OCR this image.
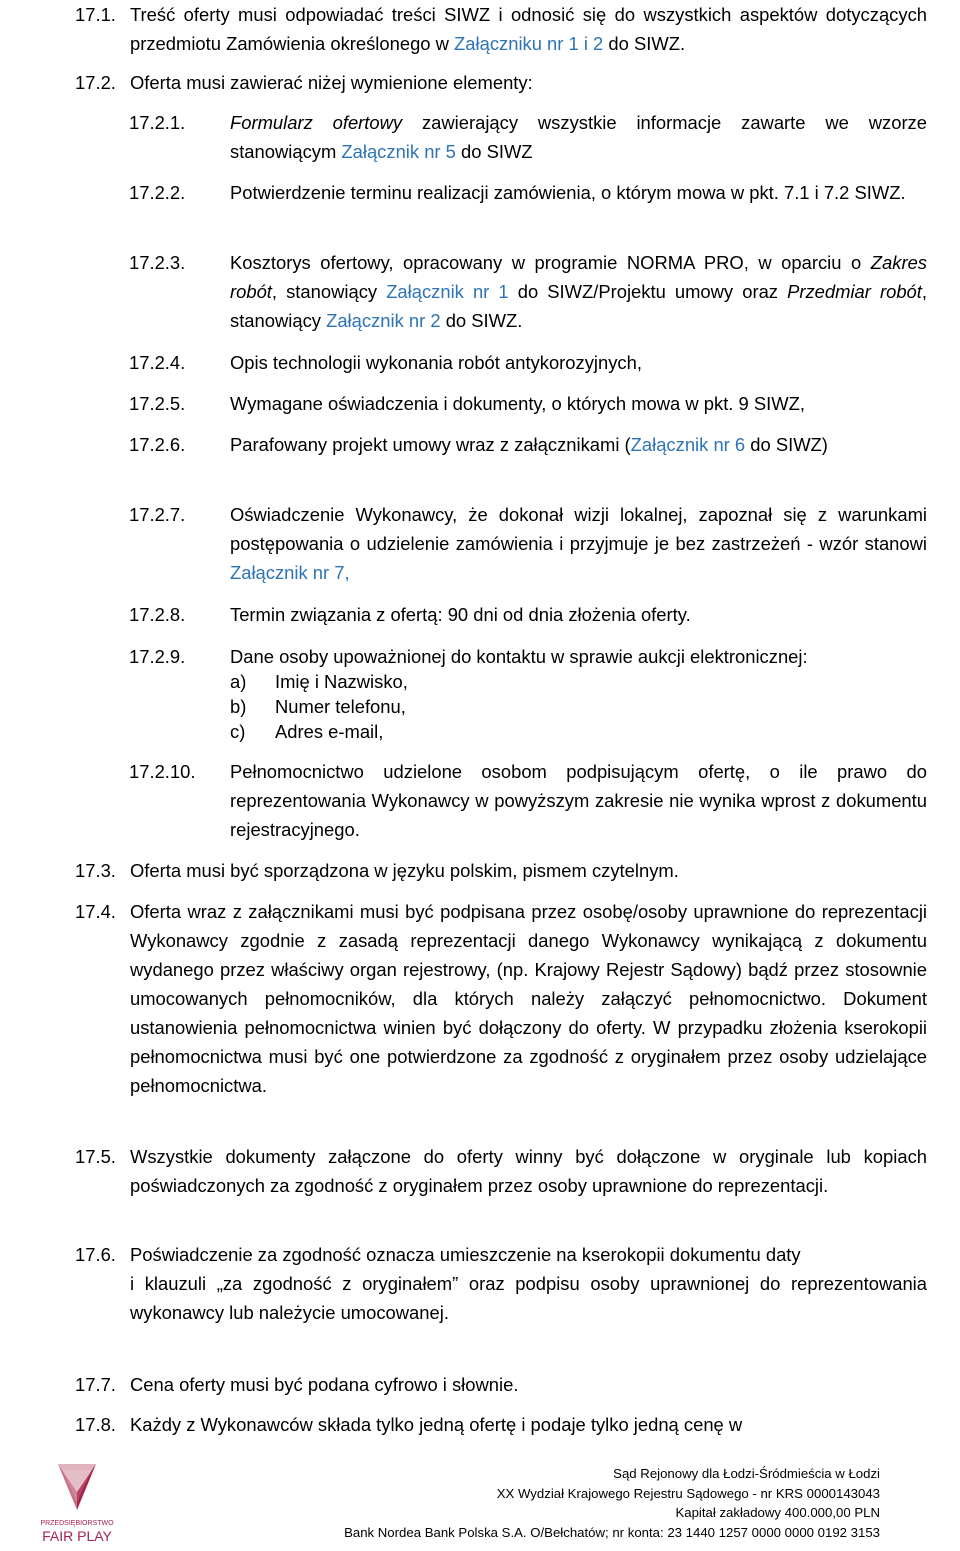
17.1. Treść oferty musi odpowiadać treści SIWZ i odnosić się do wszystkich aspektów dotyczących przedmiotu Zamówienia określonego w Załączniku nr 1 i 2 do SIWZ.
17.2. Oferta musi zawierać niżej wymienione elementy:
17.2.1.	Formularz ofertowy zawierający wszystkie informacje zawarte we wzorze stanowiącym Załącznik nr 5 do SIWZ
17.2.2.	Potwierdzenie terminu realizacji zamówienia, o którym mowa w pkt. 7.1 i 7.2 SIWZ.
17.2.3.	Kosztorys ofertowy, opracowany w programie NORMA PRO, w oparciu o Zakres robót, stanowiący Załącznik nr 1 do SIWZ/Projektu umowy oraz Przedmiar robót, stanowiący Załącznik nr 2 do SIWZ.
17.2.4.	Opis technologii wykonania robót antykorozyjnych,
17.2.5.	Wymagane oświadczenia i dokumenty, o których mowa w pkt. 9 SIWZ,
17.2.6.	Parafowany projekt umowy wraz z załącznikami (Załącznik nr 6 do SIWZ)
17.2.7.	Oświadczenie Wykonawcy, że dokonał wizji lokalnej, zapoznał się z warunkami postępowania o udzielenie zamówienia i przyjmuje je bez zastrzeżeń - wzór stanowi Załącznik nr 7,
17.2.8.	Termin związania z ofertą: 90 dni od dnia złożenia oferty.
17.2.9.	Dane osoby upoważnionej do kontaktu w sprawie aukcji elektronicznej:
a)	Imię i Nazwisko,
b)	Numer telefonu,
c)	Adres e-mail,
17.2.10.	Pełnomocnictwo udzielone osobom podpisującym ofertę, o ile prawo do reprezentowania Wykonawcy w powyższym zakresie nie wynika wprost z dokumentu rejestracyjnego.
17.3. Oferta musi być sporządzona w języku polskim, pismem czytelnym.
17.4. Oferta wraz z załącznikami musi być podpisana przez osobę/osoby uprawnione do reprezentacji Wykonawcy zgodnie z zasadą reprezentacji danego Wykonawcy wynikającą z dokumentu wydanego przez właściwy organ rejestrowy, (np. Krajowy Rejestr Sądowy) bądź przez stosownie umocowanych pełnomocników, dla których należy załączyć pełnomocnictwo. Dokument ustanowienia pełnomocnictwa winien być dołączony do oferty. W przypadku złożenia kserokopii pełnomocnictwa musi być one potwierdzone za zgodność z oryginałem przez osoby udzielające pełnomocnictwa.
17.5. Wszystkie dokumenty załączone do oferty winny być dołączone w oryginale lub kopiach poświadczonych za zgodność z oryginałem przez osoby uprawnione do reprezentacji.
17.6. Poświadczenie za zgodność oznacza umieszczenie na kserokopii dokumentu daty
i klauzuli „za zgodność z oryginałem” oraz podpisu osoby uprawnionej do reprezentowania wykonawcy lub należycie umocowanej.
17.7. Cena oferty musi być podana cyfrowo i słownie.
17.8. Każdy z Wykonawców składa tylko jedną ofertę i podaje tylko jedną cenę w
PRZEDSIĘBIORSTWO
FAIR PLAY
Sąd Rejonowy dla Łodzi-Śródmieścia w Łodzi
XX Wydział Krajowego Rejestru Sądowego - nr KRS 0000143043
Kapitał zakładowy 400.000,00 PLN
Bank Nordea Bank Polska S.A. O/Bełchatów; nr konta: 23 1440 1257 0000 0000 0192 3153
